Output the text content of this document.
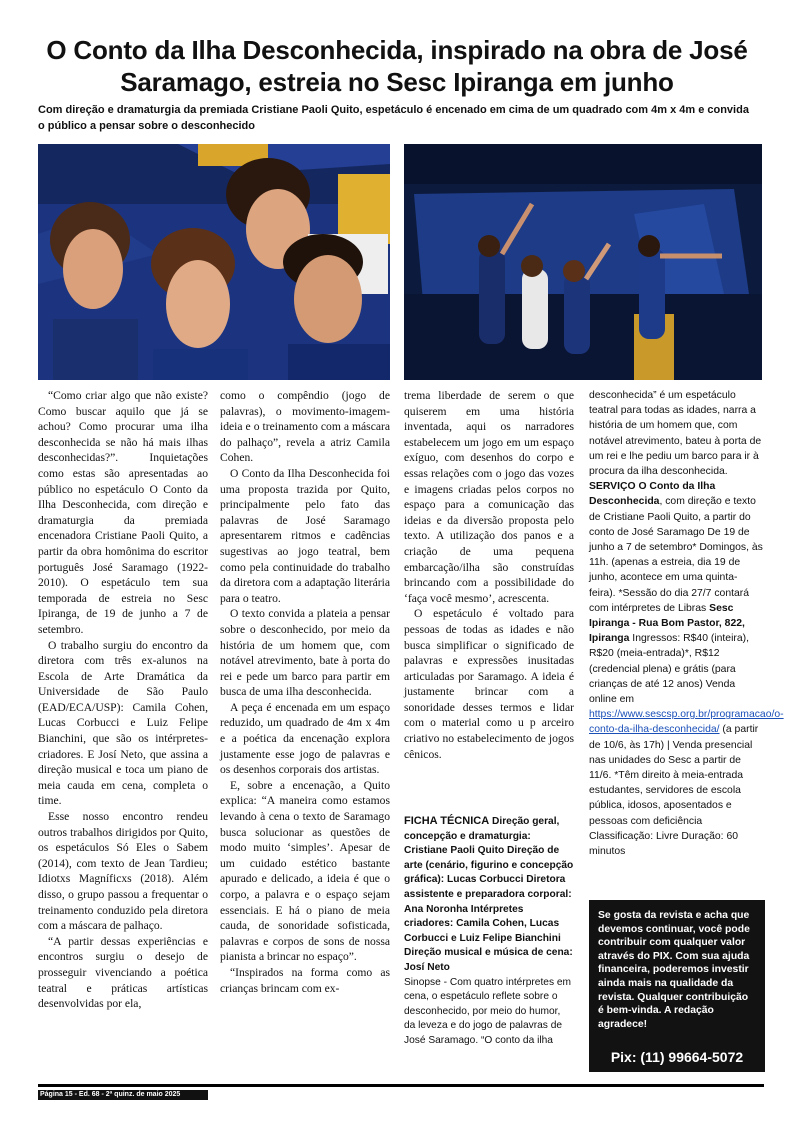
O Conto da Ilha Desconhecida, inspirado na obra de José Saramago, estreia no Sesc Ipiranga em junho

Com direção e dramaturgia da premiada Cristiane Paoli Quito, espetáculo é encenado em cima de um quadrado com 4m x 4m e convida o público a pensar sobre o desconhecido

“Como criar algo que não existe? Como buscar aquilo que já se achou? Como procurar uma ilha desconhecida se não há mais ilhas desconhecidas?”. Inquietações como estas são apresentadas ao público no espetáculo O Conto da Ilha Desconhecida, com direção e dramaturgia da premiada encenadora Cristiane Paoli Quito, a partir da obra homônima do escritor português José Saramago (1922-2010). O espetáculo tem sua temporada de estreia no Sesc Ipiranga, de 19 de junho a 7 de setembro.

O trabalho surgiu do encontro da diretora com três ex-alunos na Escola de Arte Dramática da Universidade de São Paulo (EAD/ECA/USP): Camila Cohen, Lucas Corbucci e Luiz Felipe Bianchini, que são os intérpretes-criadores. E Josí Neto, que assina a direção musical e toca um piano de meia cauda em cena, completa o time.

Esse nosso encontro rendeu outros trabalhos dirigidos por Quito, os espetáculos Só Eles o Sabem (2014), com texto de Jean Tardieu; Idiotxs Magníficxs (2018). Além disso, o grupo passou a frequentar o treinamento conduzido pela diretora com a máscara de palhaço.

“A partir dessas experiências e encontros surgiu o desejo de prosseguir vivenciando a poética teatral e práticas artísticas desenvolvidas por ela,

como o compêndio (jogo de palavras), o movimento-imagem-ideia e o treinamento com a máscara do palhaço”, revela a atriz Camila Cohen.

O Conto da Ilha Desconhecida foi uma proposta trazida por Quito, principalmente pelo fato das palavras de José Saramago apresentarem ritmos e cadências sugestivas ao jogo teatral, bem como pela continuidade do trabalho da diretora com a adaptação literária para o teatro.

O texto convida a plateia a pensar sobre o desconhecido, por meio da história de um homem que, com notável atrevimento, bate à porta do rei e pede um barco para partir em busca de uma ilha desconhecida.

A peça é encenada em um espaço reduzido, um quadrado de 4m x 4m e a poética da encenação explora justamente esse jogo de palavras e os desenhos corporais dos artistas.

E, sobre a encenação, a Quito explica: “A maneira como estamos levando à cena o texto de Saramago busca solucionar as questões de modo muito ‘simples’. Apesar de um cuidado estético bastante apurado e delicado, a ideia é que o corpo, a palavra e o espaço sejam essenciais. E há o piano de meia cauda, de sonoridade sofisticada, palavras e corpos de sons de nossa pianista a brincar no espaço”.

“Inspirados na forma como as crianças brincam com ex-

trema liberdade de serem o que quiserem em uma história inventada, aqui os narradores estabelecem um jogo em um espaço exíguo, com desenhos do corpo e essas relações com o jogo das vozes e imagens criadas pelos corpos no espaço para a comunicação das ideias e da diversão proposta pelo texto. A utilização dos panos e a criação de uma pequena embarcação/ilha são construídas brincando com a possibilidade do ‘faça você mesmo’, acrescenta.

O espetáculo é voltado para pessoas de todas as idades e não busca simplificar o significado de palavras e expressões inusitadas articuladas por Saramago. A ideia é justamente brincar com a sonoridade desses termos e lidar com o material como u p arceiro criativo no estabelecimento de jogos cênicos.

FICHA TÉCNICA Direção geral, concepção e dramaturgia: Cristiane Paoli Quito Direção de arte (cenário, figurino e concepção gráfica): Lucas Corbucci Diretora assistente e preparadora corporal: Ana Noronha Intérpretes criadores: Camila Cohen, Lucas Corbucci e Luiz Felipe Bianchini Direção musical e música de cena: Josí Neto

Sinopse - Com quatro intérpretes em cena, o espetáculo reflete sobre o desconhecido, por meio do humor, da leveza e do jogo de palavras de José Saramago. “O conto da ilha

desconhecida” é um espetáculo teatral para todas as idades, narra a história de um homem que, com notável atrevimento, bateu à porta de um rei e lhe pediu um barco para ir à procura da ilha desconhecida.

SERVIÇO O Conto da Ilha Desconhecida, com direção e texto de Cristiane Paoli Quito, a partir do conto de José Saramago De 19 de junho a 7 de setembro* Domingos, às 11h. (apenas a estreia, dia 19 de junho, acontece em uma quinta-feira). *Sessão do dia 27/7 contará com intérpretes de Libras Sesc Ipiranga - Rua Bom Pastor, 822, Ipiranga Ingressos: R$40 (inteira), R$20 (meia-entrada)*, R$12 (credencial plena) e grátis (para crianças de até 12 anos) Venda online em https://www.sescsp.org.br/programacao/o-conto-da-ilha-desconhecida/ (a partir de 10/6, às 17h) | Venda presencial nas unidades do Sesc a partir de 11/6. *Têm direito à meia-entrada estudantes, servidores de escola pública, idosos, aposentados e pessoas com deficiência Classificação: Livre Duração: 60 minutos

Se gosta da revista e acha que devemos continuar, você pode contribuir com qualquer valor através do PIX. Com sua ajuda financeira, poderemos investir ainda mais na qualidade da revista. Qualquer contribuição é bem-vinda. A redação agradece!
Pix: (11) 99664-5072
Página 15 - Ed. 68 - 2ª quinz. de maio 2025
